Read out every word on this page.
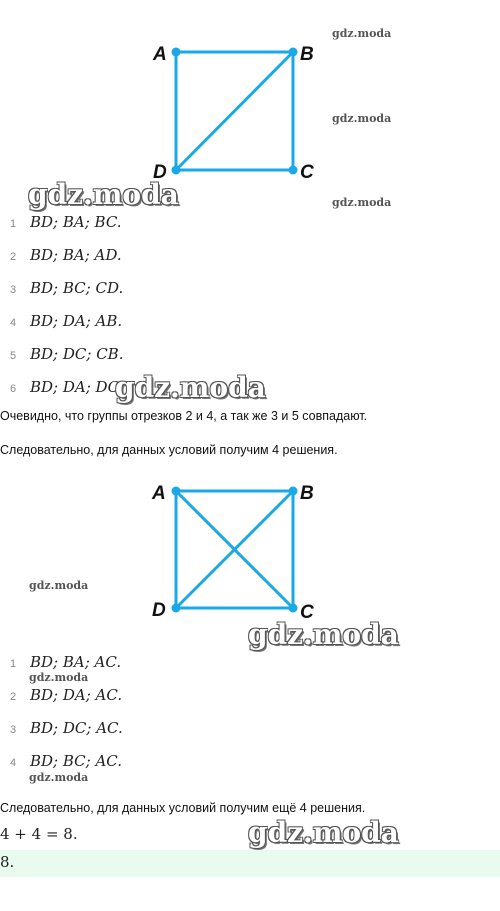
A	B
C
D
gdz.moda
gdz.moda
gdz.moda
gdz.moda
1 BD; BA; BC.
2 BD; BA; AD.
3 BD; BC; CD.
4 BD; DA; AB.
5 BD; DC; CB.
6 BD; DA; DC.
gdz.moda
Очевидно, что группы отрезков 2 и 4, а так же 3 и 5 совпадают.
Следовательно, для данных условий получим 4 решения.
A	B
C
D
gdz.moda
gdz.moda
1 BD; BA; AC.
2 BD; DA; AC.
3 BD; DC; AC.
4 BD; BC; AC.
gdz.moda
gdz.moda
Следовательно, для данных условий получим ещё 4 решения.
4 + 4 = 8.	gdz.moda
8.
